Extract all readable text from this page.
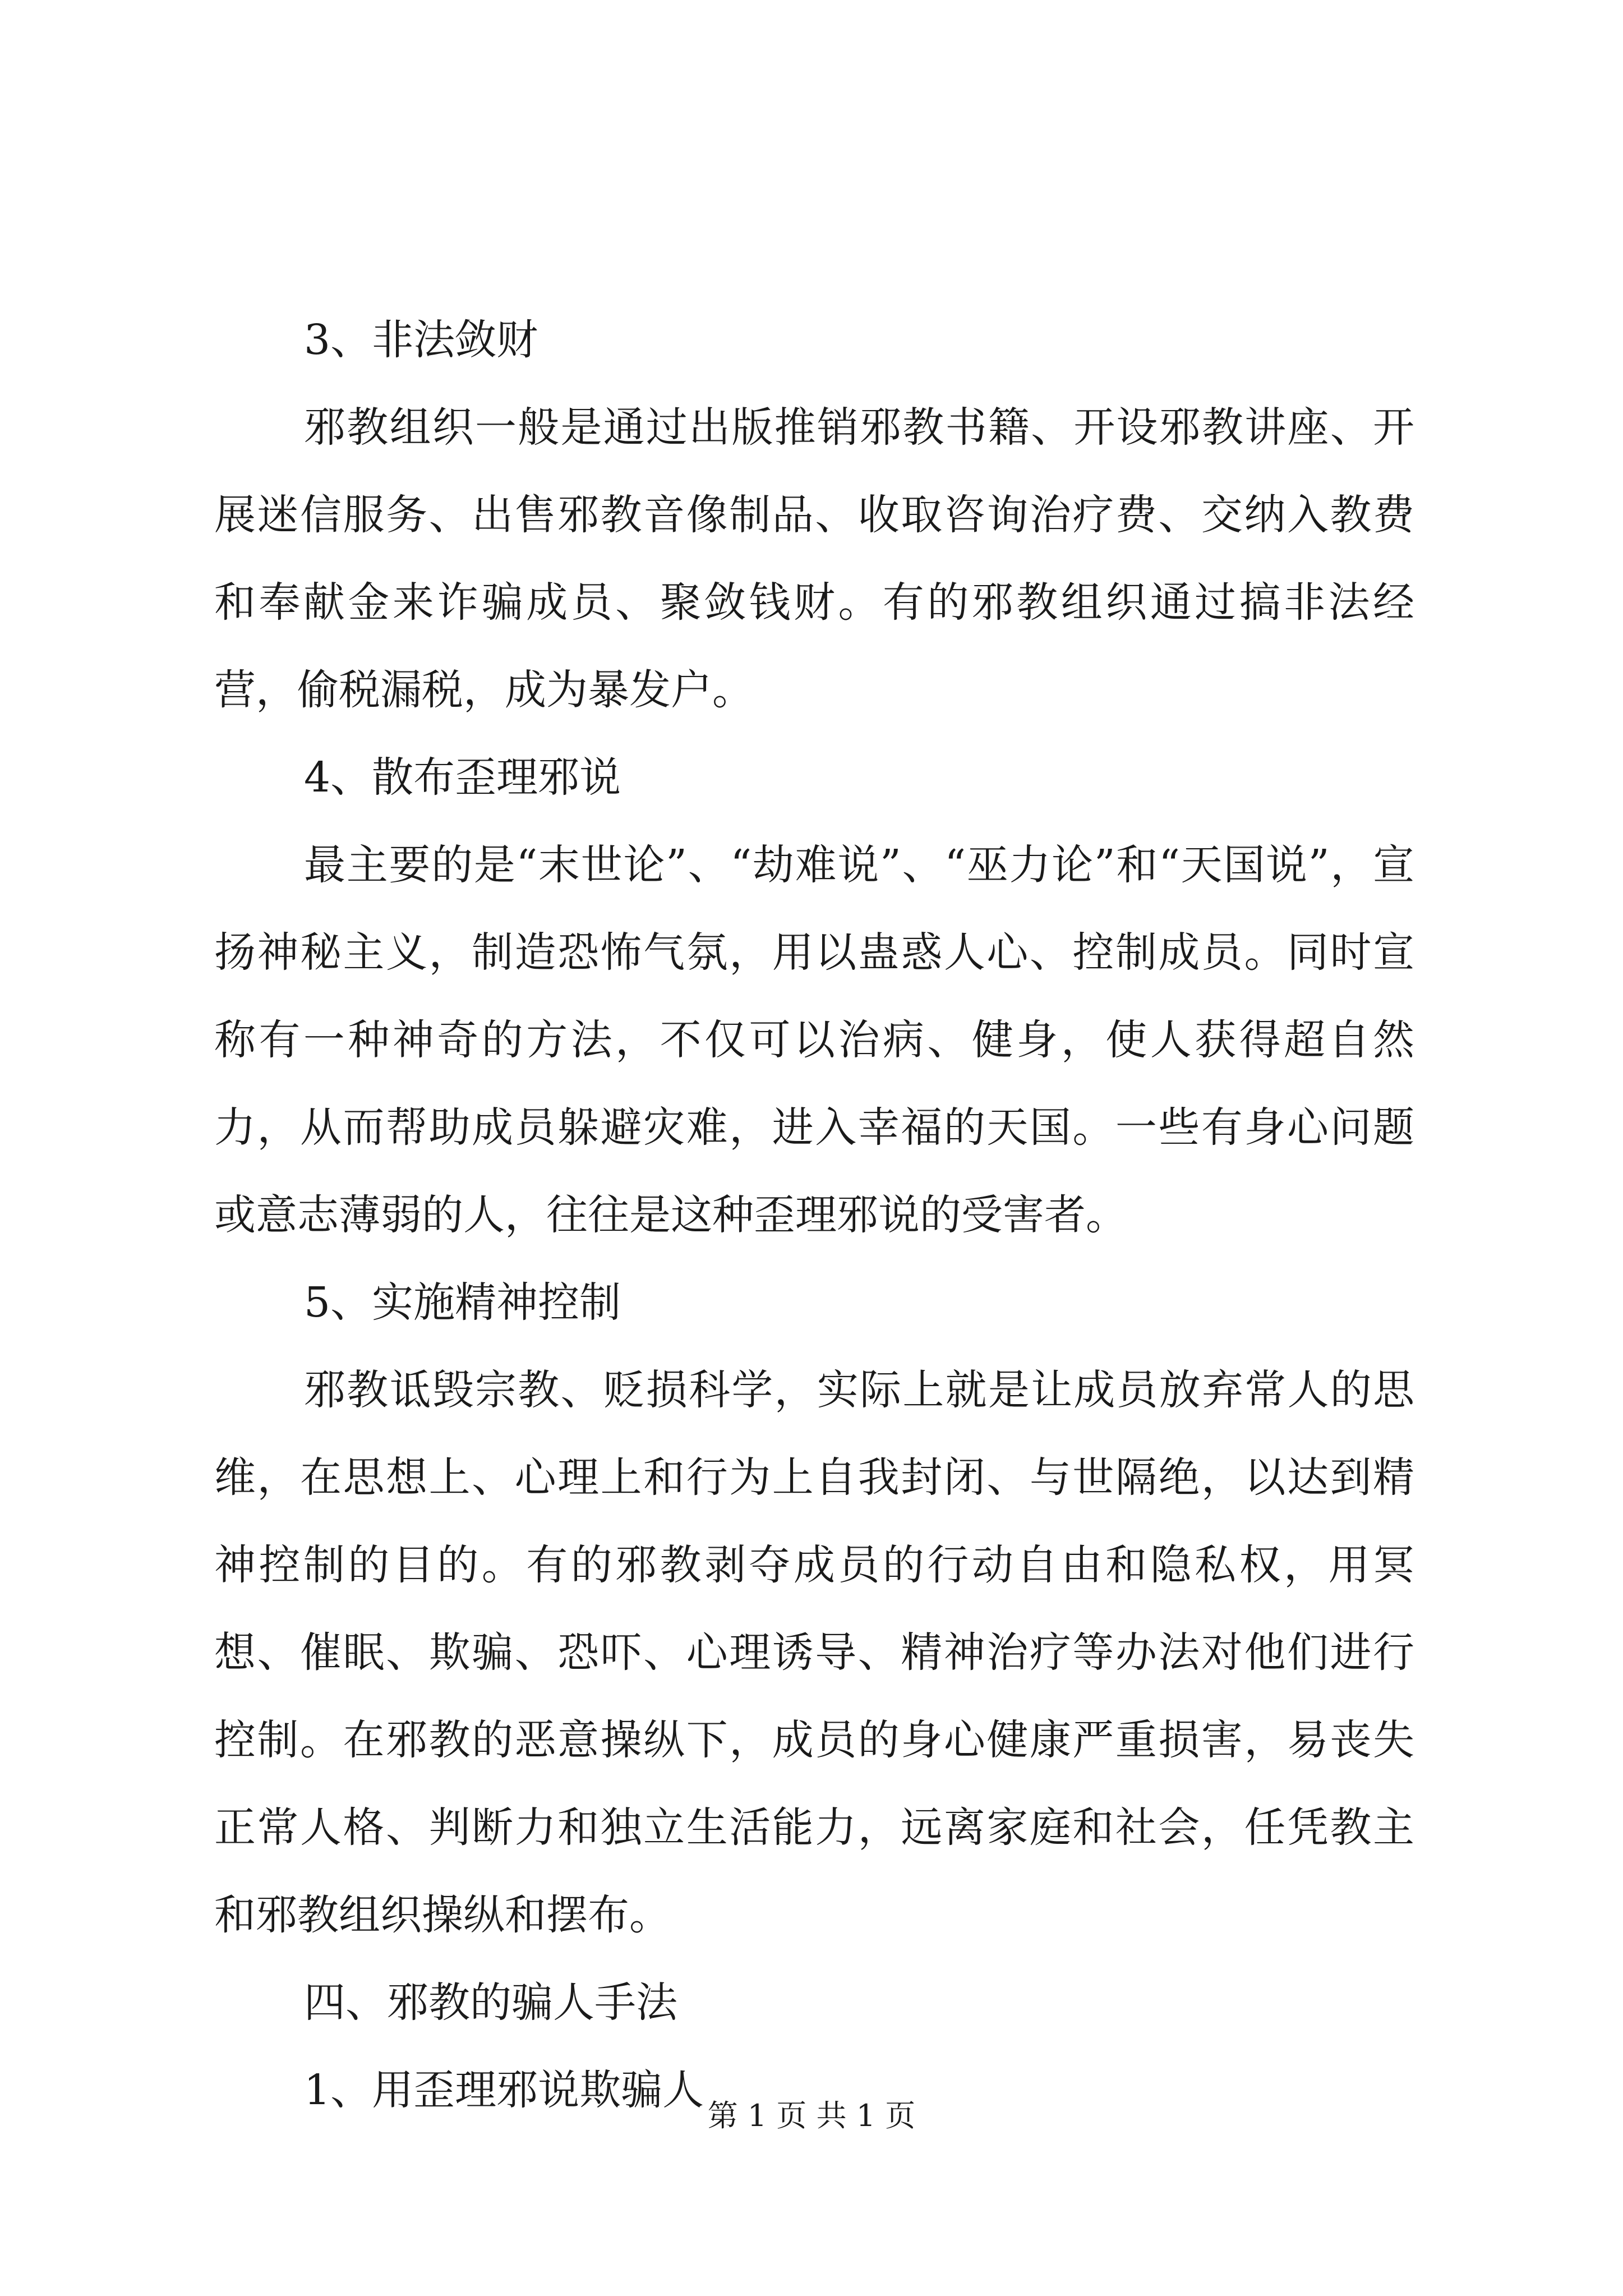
3、非法敛财

邪教组织一般是通过出版推销邪教书籍、开设邪教讲座、开展迷信服务、出售邪教音像制品、收取咨询治疗费、交纳入教费和奉献金来诈骗成员、聚敛钱财。有的邪教组织通过搞非法经营，偷税漏税，成为暴发户。

4、散布歪理邪说

最主要的是“末世论”、“劫难说”、“巫力论”和“天国说”，宣扬神秘主义，制造恐怖气氛，用以蛊惑人心、控制成员。同时宣称有一种神奇的方法，不仅可以治病、健身，使人获得超自然力，从而帮助成员躲避灾难，进入幸福的天国。一些有身心问题或意志薄弱的人，往往是这种歪理邪说的受害者。

5、实施精神控制

邪教诋毁宗教、贬损科学，实际上就是让成员放弃常人的思维，在思想上、心理上和行为上自我封闭、与世隔绝，以达到精神控制的目的。有的邪教剥夺成员的行动自由和隐私权，用冥想、催眠、欺骗、恐吓、心理诱导、精神治疗等办法对他们进行控制。在邪教的恶意操纵下，成员的身心健康严重损害，易丧失正常人格、判断力和独立生活能力，远离家庭和社会，任凭教主和邪教组织操纵和摆布。

四、邪教的骗人手法

1、用歪理邪说欺骗人

第 1 页 共 1 页
